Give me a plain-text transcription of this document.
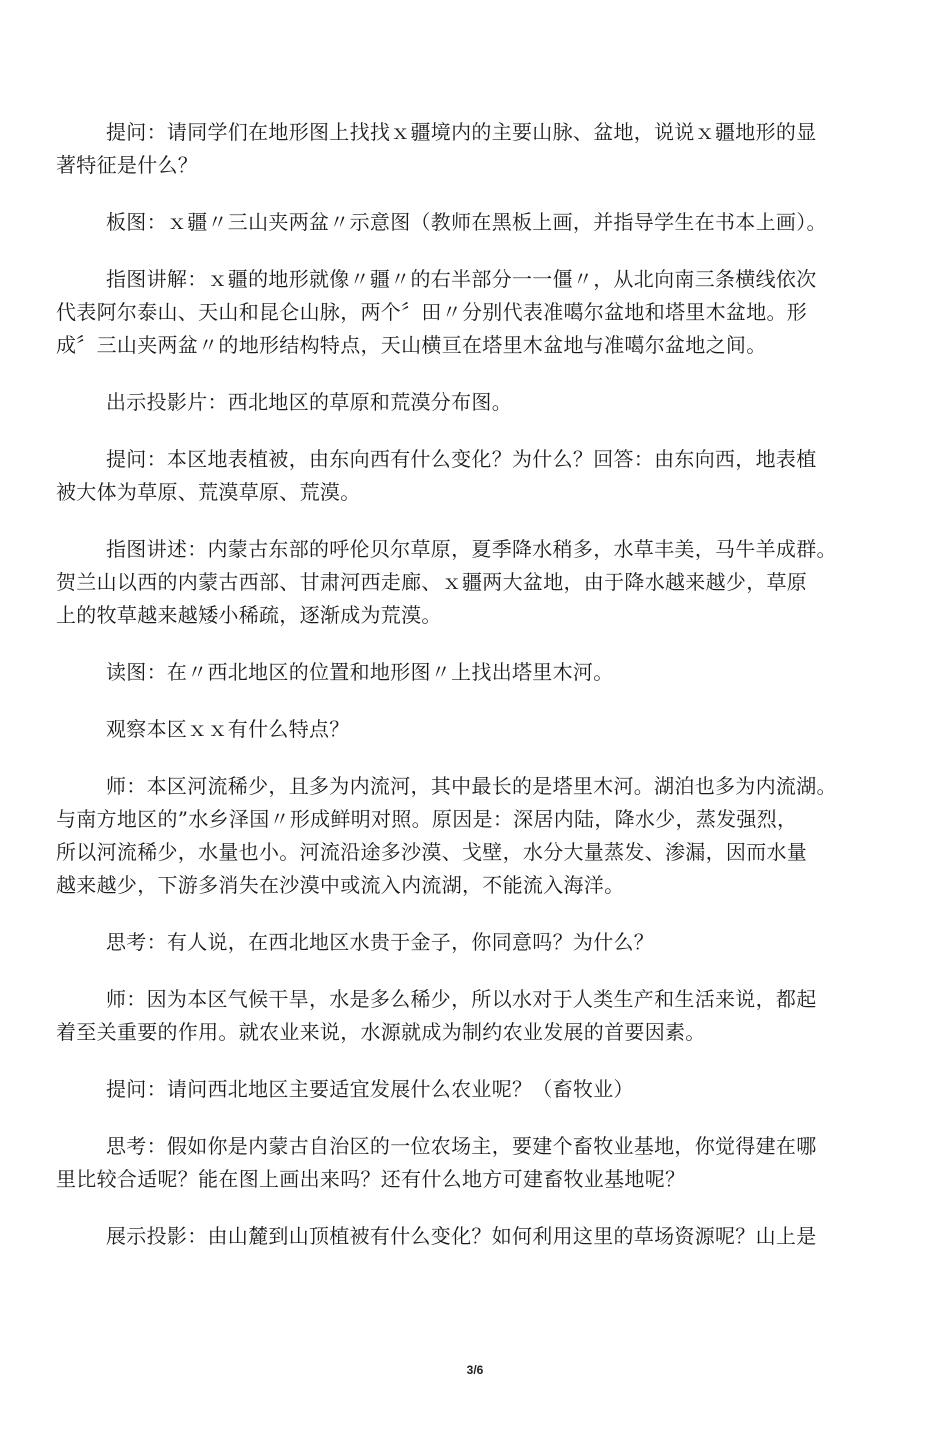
提问：请同学们在地形图上找找ｘ疆境内的主要山脉、盆地，说说ｘ疆地形的显
著特征是什么？

板图：ｘ疆〃三山夹两盆〃示意图（教师在黑板上画，并指导学生在书本上画）。

指图讲解：ｘ疆的地形就像〃疆〃的右半部分一一僵〃，从北向南三条横线依次
代表阿尔泰山、天山和昆仑山脉，两个〞田〃分别代表准噶尔盆地和塔里木盆地。形
成〞三山夹两盆〃的地形结构特点，天山横亘在塔里木盆地与准噶尔盆地之间。

出示投影片：西北地区的草原和荒漠分布图。

提问：本区地表植被，由东向西有什么变化？为什么？回答：由东向西，地表植
被大体为草原、荒漠草原、荒漠。

指图讲述：内蒙古东部的呼伦贝尔草原，夏季降水稍多，水草丰美，马牛羊成群。
贺兰山以西的内蒙古西部、甘肃河西走廊、ｘ疆两大盆地，由于降水越来越少，草原
上的牧草越来越矮小稀疏，逐渐成为荒漠。

读图：在〃西北地区的位置和地形图〃上找出塔里木河。

观察本区ｘｘ有什么特点？

师：本区河流稀少，且多为内流河，其中最长的是塔里木河。湖泊也多为内流湖。
与南方地区的”水乡泽国〃形成鲜明对照。原因是：深居内陆，降水少，蒸发强烈，
所以河流稀少，水量也小。河流沿途多沙漠、戈壁，水分大量蒸发、渗漏，因而水量
越来越少，下游多消失在沙漠中或流入内流湖，不能流入海洋。

思考：有人说，在西北地区水贵于金子，你同意吗？为什么？

师：因为本区气候干旱，水是多么稀少，所以水对于人类生产和生活来说，都起
着至关重要的作用。就农业来说，水源就成为制约农业发展的首要因素。

提问：请问西北地区主要适宜发展什么农业呢？（畜牧业）

思考：假如你是内蒙古自治区的一位农场主，要建个畜牧业基地，你觉得建在哪
里比较合适呢？能在图上画出来吗？还有什么地方可建畜牧业基地呢？

展示投影：由山麓到山顶植被有什么变化？如何利用这里的草场资源呢？山上是

3/6
